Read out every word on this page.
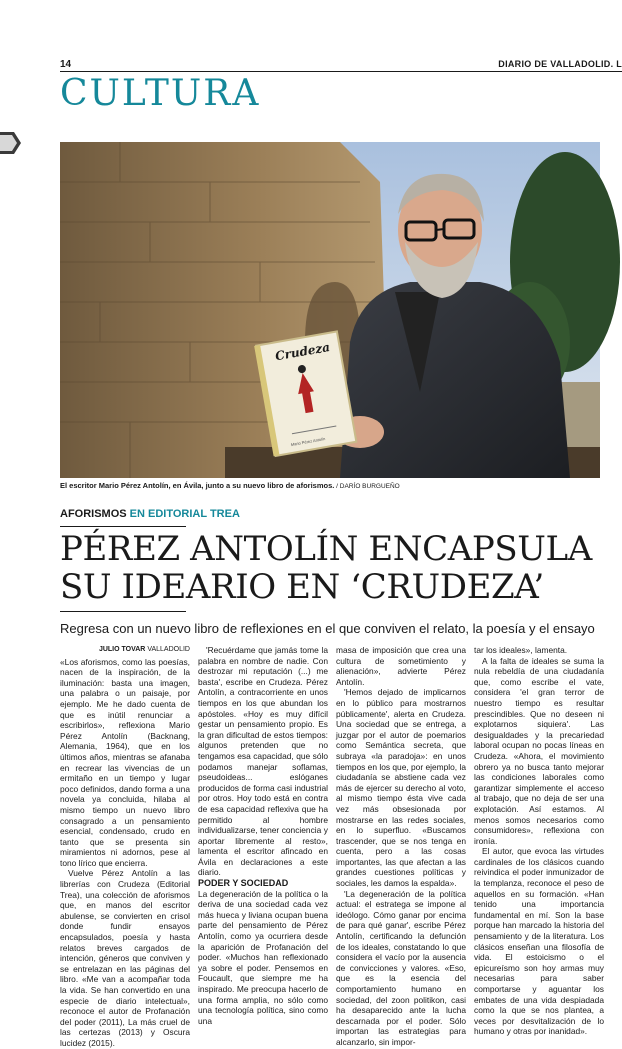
14	DIARIO DE VALLADOLID. L
CULTURA
Crudeza
Mario Pérez Antolín
El escritor Mario Pérez Antolín, en Ávila, junto a su nuevo libro de aforismos. / DARÍO BURGUEÑO
AFORISMOS EN EDITORIAL TREA
PÉREZ ANTOLÍN ENCAPSULA
SU IDEARIO EN ‘CRUDEZA’
Regresa con un nuevo libro de reflexiones en el que conviven el relato, la poesía y el ensayo
JULIO TOVAR VALLADOLID

«Los aforismos, como las poesías, nacen de la inspiración, de la iluminación: basta una imagen, una palabra o un paisaje, por ejemplo. Me he dado cuenta de que es inútil renunciar a escribirlos», reflexiona Mario Pérez Antolín (Backnang, Alemania, 1964), que en los últimos años, mientras se afanaba en recrear las vivencias de un ermitaño en un tiempo y lugar poco definidos, dando forma a una novela ya concluida, hilaba al mismo tiempo un nuevo libro consagrado a un pensamiento esencial, condensado, crudo en tanto que se presenta sin miramientos ni adornos, pese al tono lírico que encierra.

Vuelve Pérez Antolín a las librerías con Crudeza (Editorial Trea), una colección de aforismos que, en manos del escritor abulense, se convierten en crisol donde fundir ensayos encapsulados, poesía y hasta relatos breves cargados de intención, géneros que conviven y se entrelazan en las páginas del libro. «Me van a acompañar toda la vida. Se han convertido en una especie de diario intelectual», reconoce el autor de Profanación del poder (2011), La más cruel de las certezas (2013) y Oscura lucidez (2015).

'Recuérdame que jamás tome la palabra en nombre de nadie. Con destrozar mi reputación (...) me basta', escribe en Crudeza. Pérez Antolín, a contracorriente en unos tiempos en los que abundan los apóstoles. «Hoy es muy difícil gestar un pensamiento propio. Es la gran dificultad de estos tiempos: algunos pretenden que no tengamos esa capacidad, que sólo podamos manejar soflamas, pseudoideas... eslóganes producidos de forma casi industrial por otros. Hoy todo está en contra de esa capacidad reflexiva que ha permitido al hombre individualizarse, tener conciencia y aportar libremente al resto», lamenta el escritor afincado en Ávila en declaraciones a este diario.

PODER Y SOCIEDAD

La degeneración de la política o la deriva de una sociedad cada vez más hueca y liviana ocupan buena parte del pensamiento de Pérez Antolín, como ya ocurriera desde la aparición de Profanación del poder. «Muchos han reflexionado ya sobre el poder. Pensemos en Foucault, que siempre me ha inspirado. Me preocupa hacerlo de una forma amplia, no sólo como una tecnología política, sino como una

masa de imposición que crea una cultura de sometimiento y alienación», advierte Pérez Antolín.

'Hemos dejado de implicarnos en lo público para mostrarnos públicamente', alerta en Crudeza. Una sociedad que se entrega, a juzgar por el autor de poemarios como Semántica secreta, que subraya «la paradoja»: en unos tiempos en los que, por ejemplo, la ciudadanía se abstiene cada vez más de ejercer su derecho al voto, al mismo tiempo ésta vive cada vez más obsesionada por mostrarse en las redes sociales, en lo superfluo. «Buscamos trascender, que se nos tenga en cuenta, pero a las cosas importantes, las que afectan a las grandes cuestiones políticas y sociales, les damos la espalda».

'La degeneración de la política actual: el estratega se impone al ideólogo. Cómo ganar por encima de para qué ganar', escribe Pérez Antolín, certificando la defunción de los ideales, constatando lo que considera el vacío por la ausencia de convicciones y valores. «Eso, que es la esencia del comportamiento humano en sociedad, del zoon politikon, casi ha desaparecido ante la lucha descarnada por el poder. Sólo importan las estrategias para alcanzarlo, sin impor-

tar los ideales», lamenta.

A la falta de ideales se suma la nula rebeldía de una ciudadanía que, como escribe el vate, considera 'el gran terror de nuestro tiempo es resultar prescindibles. Que no deseen ni explotarnos siquiera'. Las desigualdades y la precariedad laboral ocupan no pocas líneas en Crudeza. «Ahora, el movimiento obrero ya no busca tanto mejorar las condiciones laborales como garantizar simplemente el acceso al trabajo, que no deja de ser una explotación. Así estamos. Al menos somos necesarios como consumidores», reflexiona con ironía.

El autor, que evoca las virtudes cardinales de los clásicos cuando reivindica el poder inmunizador de la templanza, reconoce el peso de aquellos en su formación. «Han tenido una importancia fundamental en mí. Son la base porque han marcado la historia del pensamiento y de la literatura. Los clásicos enseñan una filosofía de vida. El estoicismo o el epicureísmo son hoy armas muy necesarias para saber comportarse y aguantar los embates de una vida despiadada como la que se nos plantea, a veces por desvitalización de lo humano y otras por inanidad».
